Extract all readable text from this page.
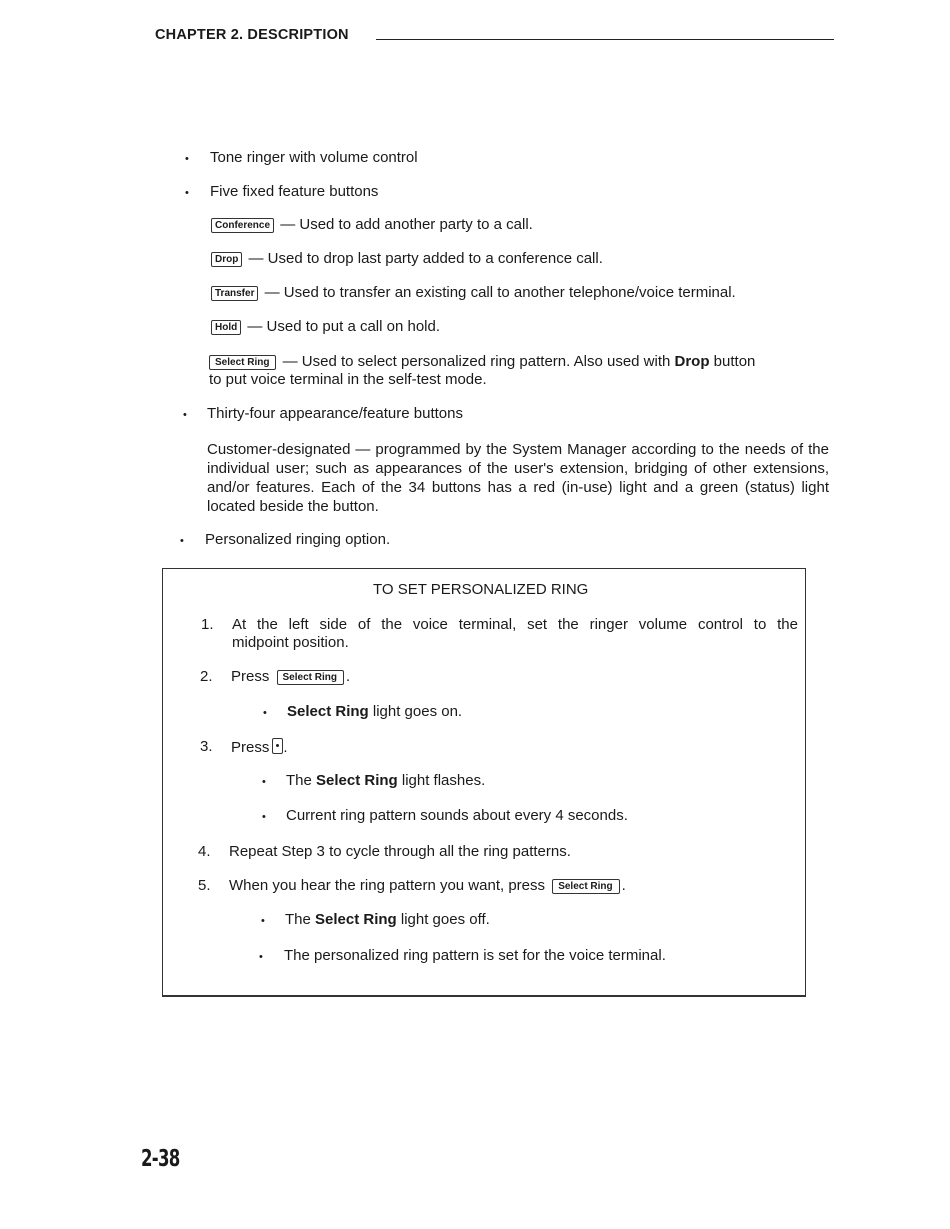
CHAPTER 2. DESCRIPTION
• Tone ringer with volume control
• Five fixed feature buttons
Conference — Used to add another party to a call.
Drop — Used to drop last party added to a conference call.
Transfer — Used to transfer an existing call to another telephone/voice terminal.
Hold — Used to put a call on hold.
Select Ring — Used to select personalized ring pattern. Also used with Drop button
to put voice terminal in the self-test mode.
• Thirty-four appearance/feature buttons
Customer-designated — programmed by the System Manager according to the needs of the individual user; such as appearances of the user's extension, bridging of other extensions, and/or features. Each of the 34 buttons has a red (in-use) light and a green (status) light located beside the button.
• Personalized ringing option.
TO SET PERSONALIZED RING
1. At the left side of the voice terminal, set the ringer volume control to the
midpoint position.
2. Press Select Ring .
• Select Ring light goes on.
3. Press .
• The Select Ring light flashes.
• Current ring pattern sounds about every 4 seconds.
4. Repeat Step 3 to cycle through all the ring patterns.
5. When you hear the ring pattern you want, press Select Ring .
• The Select Ring light goes off.
• The personalized ring pattern is set for the voice terminal.
2-38
